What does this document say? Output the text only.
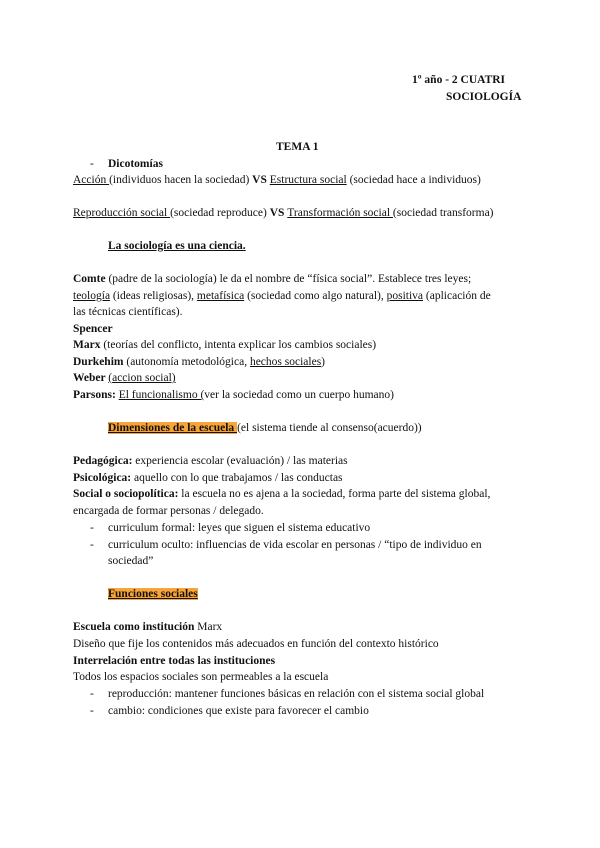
1º año - 2 CUATRI
SOCIOLOGÍA
TEMA 1
- Dicotomías
Acción (individuos hacen la sociedad) VS Estructura social (sociedad hace a individuos)
Reproducción social (sociedad reproduce) VS Transformación social (sociedad transforma)
La sociología es una ciencia.
Comte (padre de la sociología) le da el nombre de “física social”. Establece tres leyes;
teología (ideas religiosas), metafísica (sociedad como algo natural), positiva (aplicación de
las técnicas científicas).
Spencer
Marx (teorías del conflicto, intenta explicar los cambios sociales)
Durkehim (autonomía metodológica, hechos sociales)
Weber (accion social)
Parsons: El funcionalismo (ver la sociedad como un cuerpo humano)
Dimensiones de la escuela (el sistema tiende al consenso(acuerdo))
Pedagógica: experiencia escolar (evaluación) / las materias
Psicológica: aquello con lo que trabajamos / las conductas
Social o sociopolítica: la escuela no es ajena a la sociedad, forma parte del sistema global,
encargada de formar personas / delegado.
- curriculum formal: leyes que siguen el sistema educativo
- curriculum oculto: influencias de vida escolar en personas / “tipo de individuo en
sociedad”
Funciones sociales
Escuela como institución Marx
Diseño que fije los contenidos más adecuados en función del contexto histórico
Interrelación entre todas las instituciones
Todos los espacios sociales son permeables a la escuela
- reproducción: mantener funciones básicas en relación con el sistema social global
- cambio: condiciones que existe para favorecer el cambio
